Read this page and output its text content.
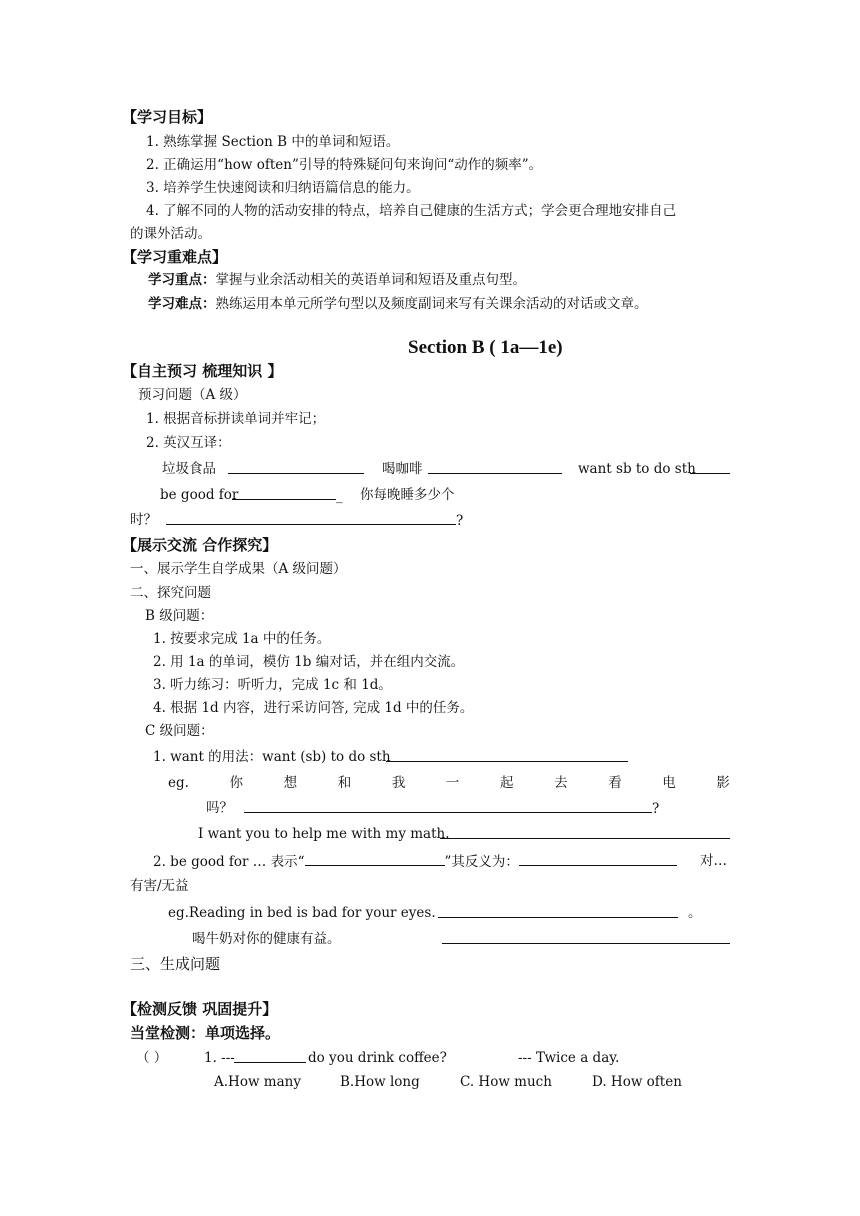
【学习目标】
1. 熟练掌握 Section B 中的单词和短语。
2. 正确运用“how often”引导的特殊疑问句来询问“动作的频率”。
3. 培养学生快速阅读和归纳语篇信息的能力。
4. 了解不同的人物的活动安排的特点，培养自己健康的生活方式；学会更合理地安排自己
的课外活动。
【学习重难点】
学习重点：掌握与业余活动相关的英语单词和短语及重点句型。
学习难点：熟练运用本单元所学句型以及频度副词来写有关课余活动的对话或文章。
Section B ( 1a—1e)
【自主预习 梳理知识 】
预习问题（A 级）
1. 根据音标拼读单词并牢记；
2. 英汉互译：
垃圾食品	喝咖啡	want sb to do sth
be good for	_ 你每晚睡多少个
时？	?
【展示交流 合作探究】
一、展示学生自学成果（A 级问题）
二、探究问题
B 级问题：
1. 按要求完成 1a 中的任务。
2. 用 1a 的单词，模仿 1b 编对话，并在组内交流。
3. 听力练习：听听力，完成 1c 和 1d。
4. 根据 1d 内容，进行采访问答, 完成 1d 中的任务。
C 级问题：
1. want 的用法：want (sb) to do sth
eg.	你	想	和	我	一	起	去	看	电	影
吗？	?
I want you to help me with my math.
2. be good for … 表示“	”其反义为：	对…
有害/无益
eg.Reading in bed is bad for your eyes.	。
喝牛奶对你的健康有益。
三、生成问题
【检测反馈 巩固提升】
当堂检测：单项选择。
（ ）	1. ---	do you drink coffee?	--- Twice a day.
A.How many	B.How long	C. How much	D. How often
